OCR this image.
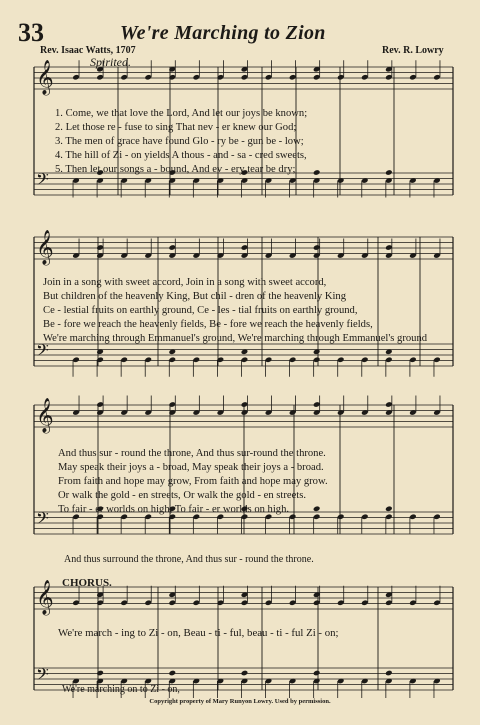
𝄞
𝄢
𝄞
𝄢
𝄞
𝄢
𝄞
𝄢
33	We're Marching to Zion
Rev. Isaac Watts, 1707	Rev. R. Lowry
Spirited.
1. Come, we that love the Lord, And let our joys be known;
2. Let those re - fuse to sing That nev - er knew our God;
3. The men of grace have found Glo - ry be - gun be - low;
4. The hill of Zi - on yields A thous - and - sa - cred sweets,
5. Then let our songs a - bound, And ev - ery tear be dry;
Join in a song with sweet accord, Join in a song with sweet accord,
But children of the heavenly King, But chil - dren of the heavenly King
Ce - lestial fruits on earthly ground, Ce - les - tial fruits on earthly ground,
Be - fore we reach the heavenly fields, Be - fore we reach the heavenly fields,
We're marching through Emmanuel's ground, We're marching through Emmanuel's ground
And thus sur - round the throne, And thus sur-round the throne.
May speak their joys a - broad, May speak their joys a - broad.
From faith and hope may grow, From faith and hope may grow.
Or walk the gold - en streets, Or walk the gold - en streets.
To fair - er worlds on high, To fair - er worlds on high.
And thus surround the throne, And thus sur - round the throne.
CHORUS.
We're march - ing to Zi - on, Beau - ti - ful, beau - ti - ful Zi - on;
We're marching on to Zi - on,
Copyright property of Mary Runyon Lowry. Used by permission.
